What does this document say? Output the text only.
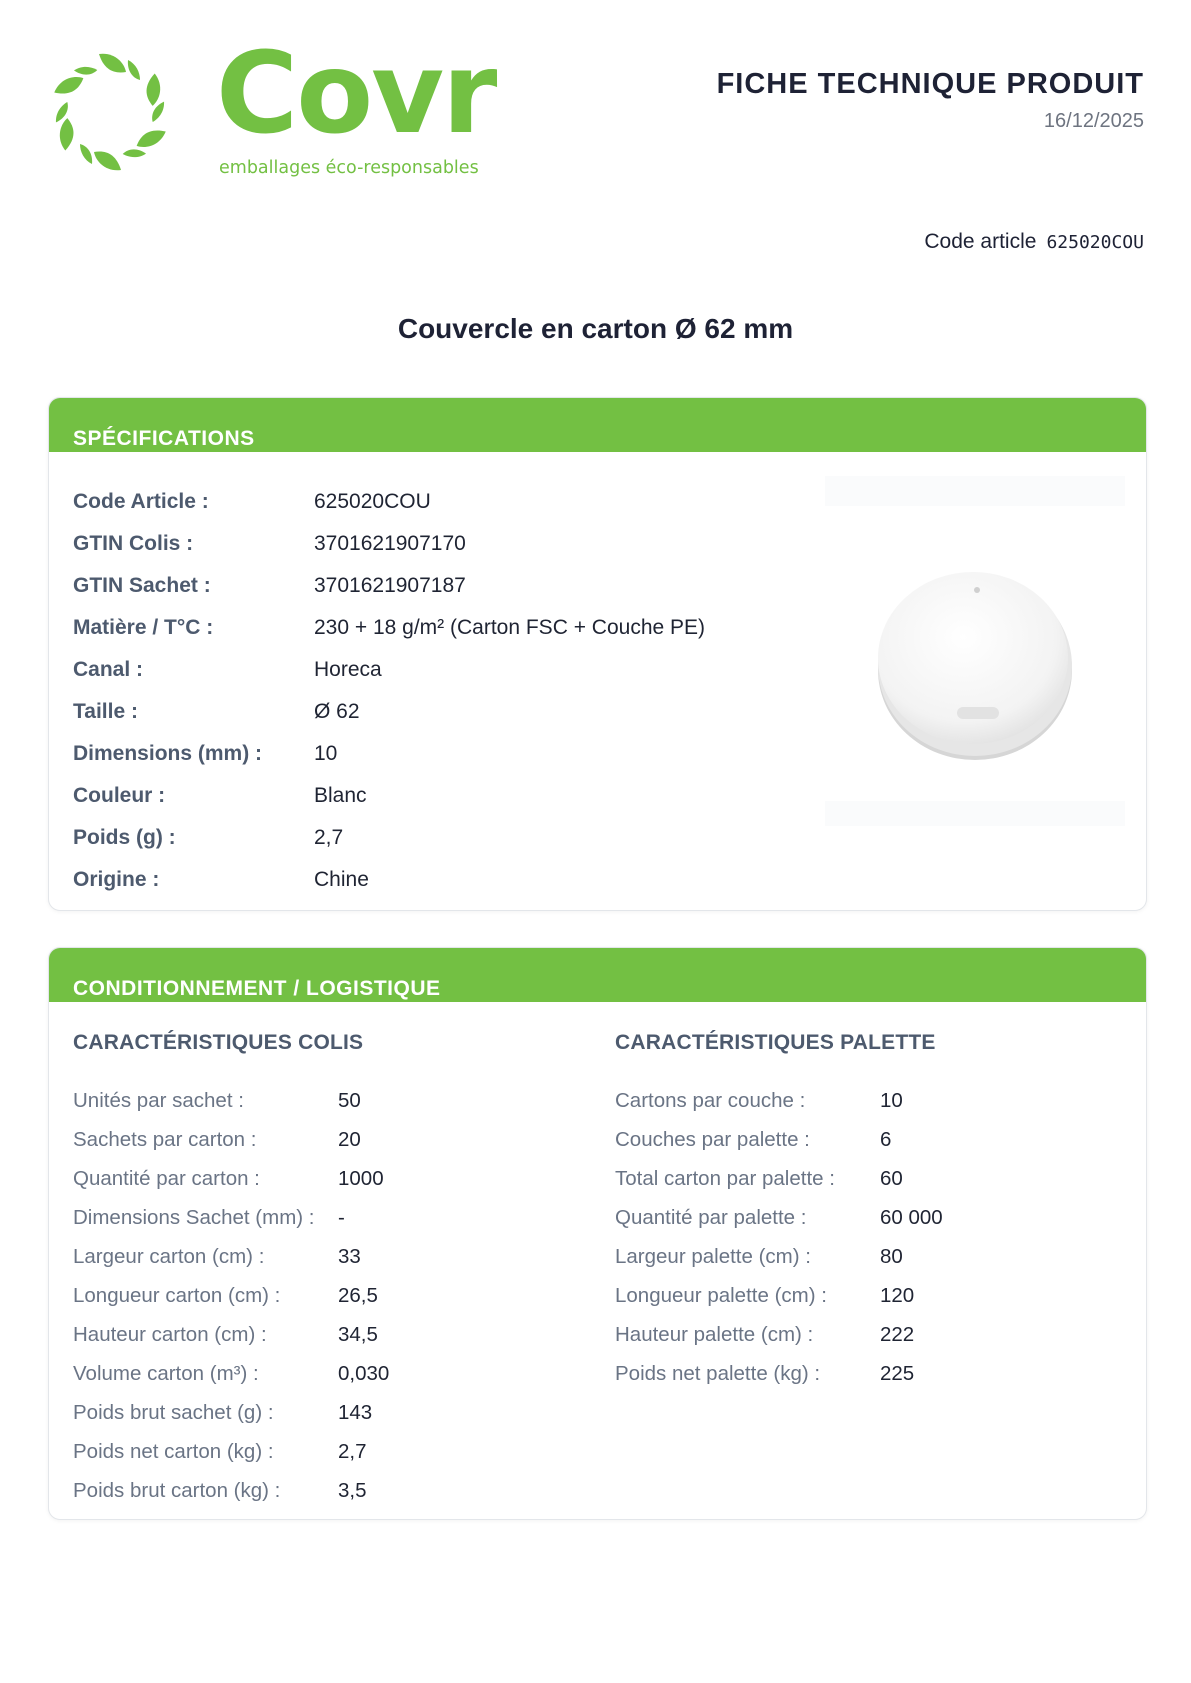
Covr
emballages éco-responsables
FICHE TECHNIQUE PRODUIT
16/12/2025
Code article 625020COU
Couvercle en carton Ø 62 mm
SPÉCIFICATIONS
Code Article :	625020COU
GTIN Colis :	3701621907170
GTIN Sachet :	3701621907187
Matière / T°C :	230 + 18 g/m² (Carton FSC + Couche PE)
Canal :	Horeca
Taille :	Ø 62
Dimensions (mm) :	10
Couleur :	Blanc
Poids (g) :	2,7
Origine :	Chine
CONDITIONNEMENT / LOGISTIQUE
CARACTÉRISTIQUES COLIS
Unités par sachet :	50
Sachets par carton :	20
Quantité par carton :	1000
Dimensions Sachet (mm) :	-
Largeur carton (cm) :	33
Longueur carton (cm) :	26,5
Hauteur carton (cm) :	34,5
Volume carton (m³) :	0,030
Poids brut sachet (g) :	143
Poids net carton (kg) :	2,7
Poids brut carton (kg) :	3,5
CARACTÉRISTIQUES PALETTE
Cartons par couche :	10
Couches par palette :	6
Total carton par palette :	60
Quantité par palette :	60 000
Largeur palette (cm) :	80
Longueur palette (cm) :	120
Hauteur palette (cm) :	222
Poids net palette (kg) :	225
